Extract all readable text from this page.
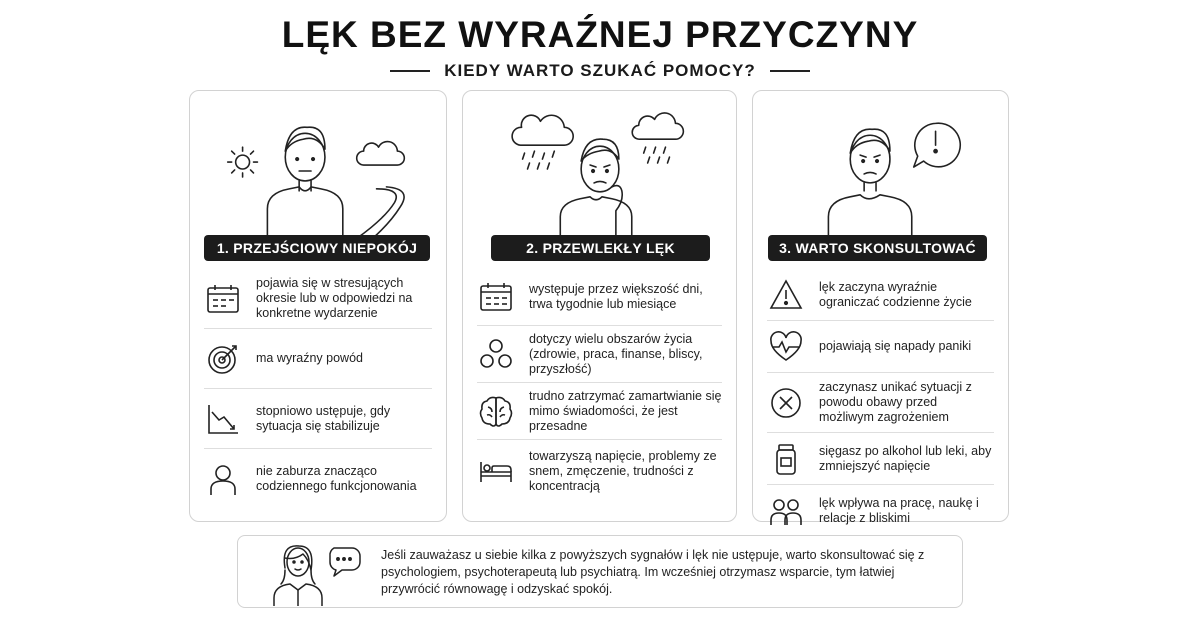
LĘK BEZ WYRAŹNEJ PRZYCZYNY
KIEDY WARTO SZUKAĆ POMOCY?
1. PRZEJŚCIOWY NIEPOKÓJ
pojawia się w stresujących okresie lub w odpowiedzi na konkretne wydarzenie
ma wyraźny powód
stopniowo ustępuje, gdy sytuacja się stabilizuje
nie zaburza znacząco codziennego funkcjonowania
2. PRZEWLEKŁY LĘK
występuje przez większość dni, trwa tygodnie lub miesiące
dotyczy wielu obszarów życia (zdrowie, praca, finanse, bliscy, przyszłość)
trudno zatrzymać zamartwianie się mimo świadomości, że jest przesadne
towarzyszą napięcie, problemy ze snem, zmęczenie, trudności z koncentracją
3. WARTO SKONSULTOWAĆ
lęk zaczyna wyraźnie ograniczać codzienne życie
pojawiają się napady paniki
zaczynasz unikać sytuacji z powodu obawy przed możliwym zagrożeniem
sięgasz po alkohol lub leki, aby zmniejszyć napięcie
lęk wpływa na pracę, naukę i relacje z bliskimi
Jeśli zauważasz u siebie kilka z powyższych sygnałów i lęk nie ustępuje, warto skonsultować się z psychologiem, psychoterapeutą lub psychiatrą. Im wcześniej otrzymasz wsparcie, tym łatwiej przywrócić równowagę i odzyskać spokój.
